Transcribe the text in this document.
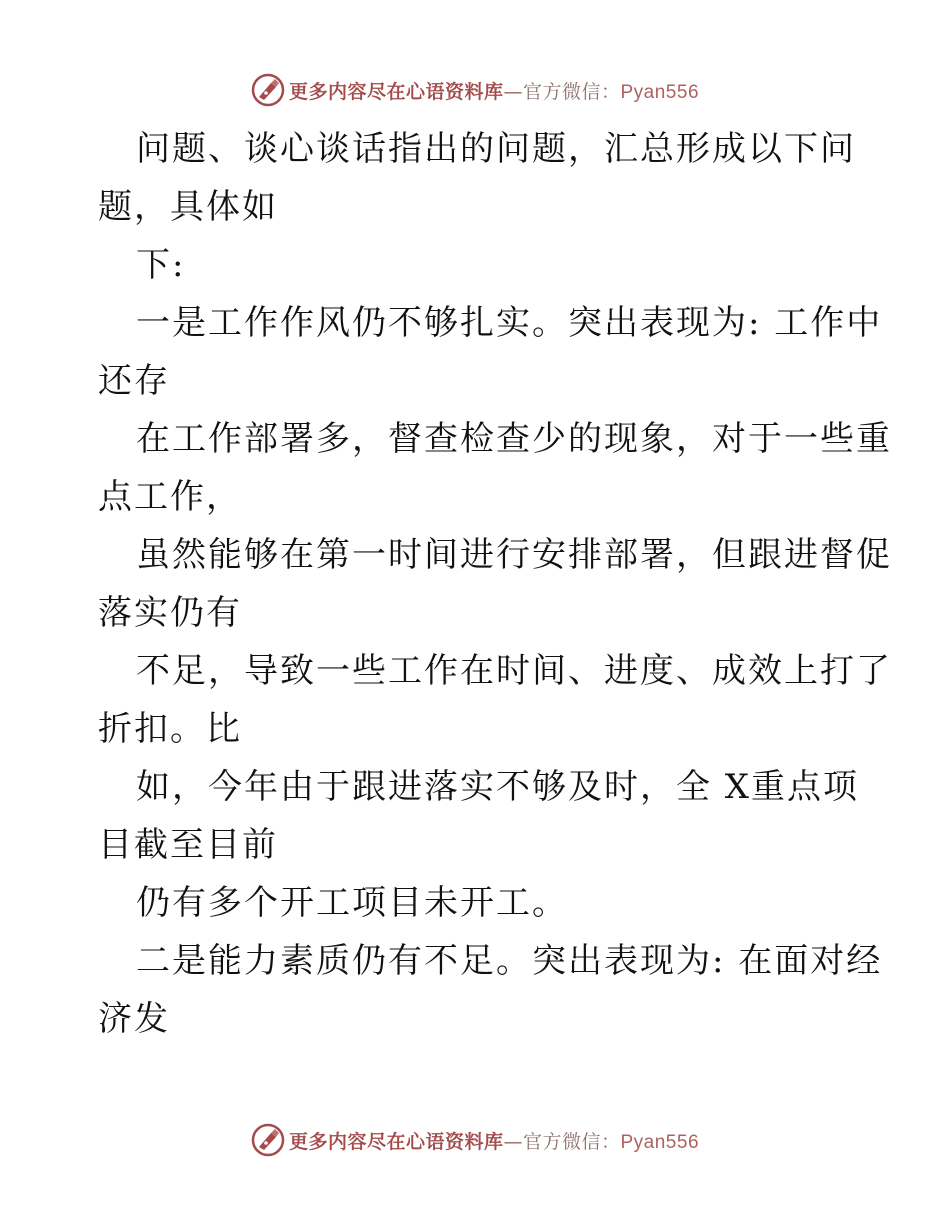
更多内容尽在心语资料库—官方微信：Pyan556
问题、谈心谈话指出的问题，汇总形成以下问
题，具体如
下:
一是工作作风仍不够扎实。突出表现为: 工作中
还存
在工作部署多，督查检查少的现象，对于一些重
点工作，
虽然能够在第一时间进行安排部署，但跟进督促
落实仍有
不足，导致一些工作在时间、进度、成效上打了
折扣。比
如，今年由于跟进落实不够及时，全 X重点项
目截至目前
仍有多个开工项目未开工。
二是能力素质仍有不足。突出表现为: 在面对经
济发
更多内容尽在心语资料库—官方微信：Pyan556
